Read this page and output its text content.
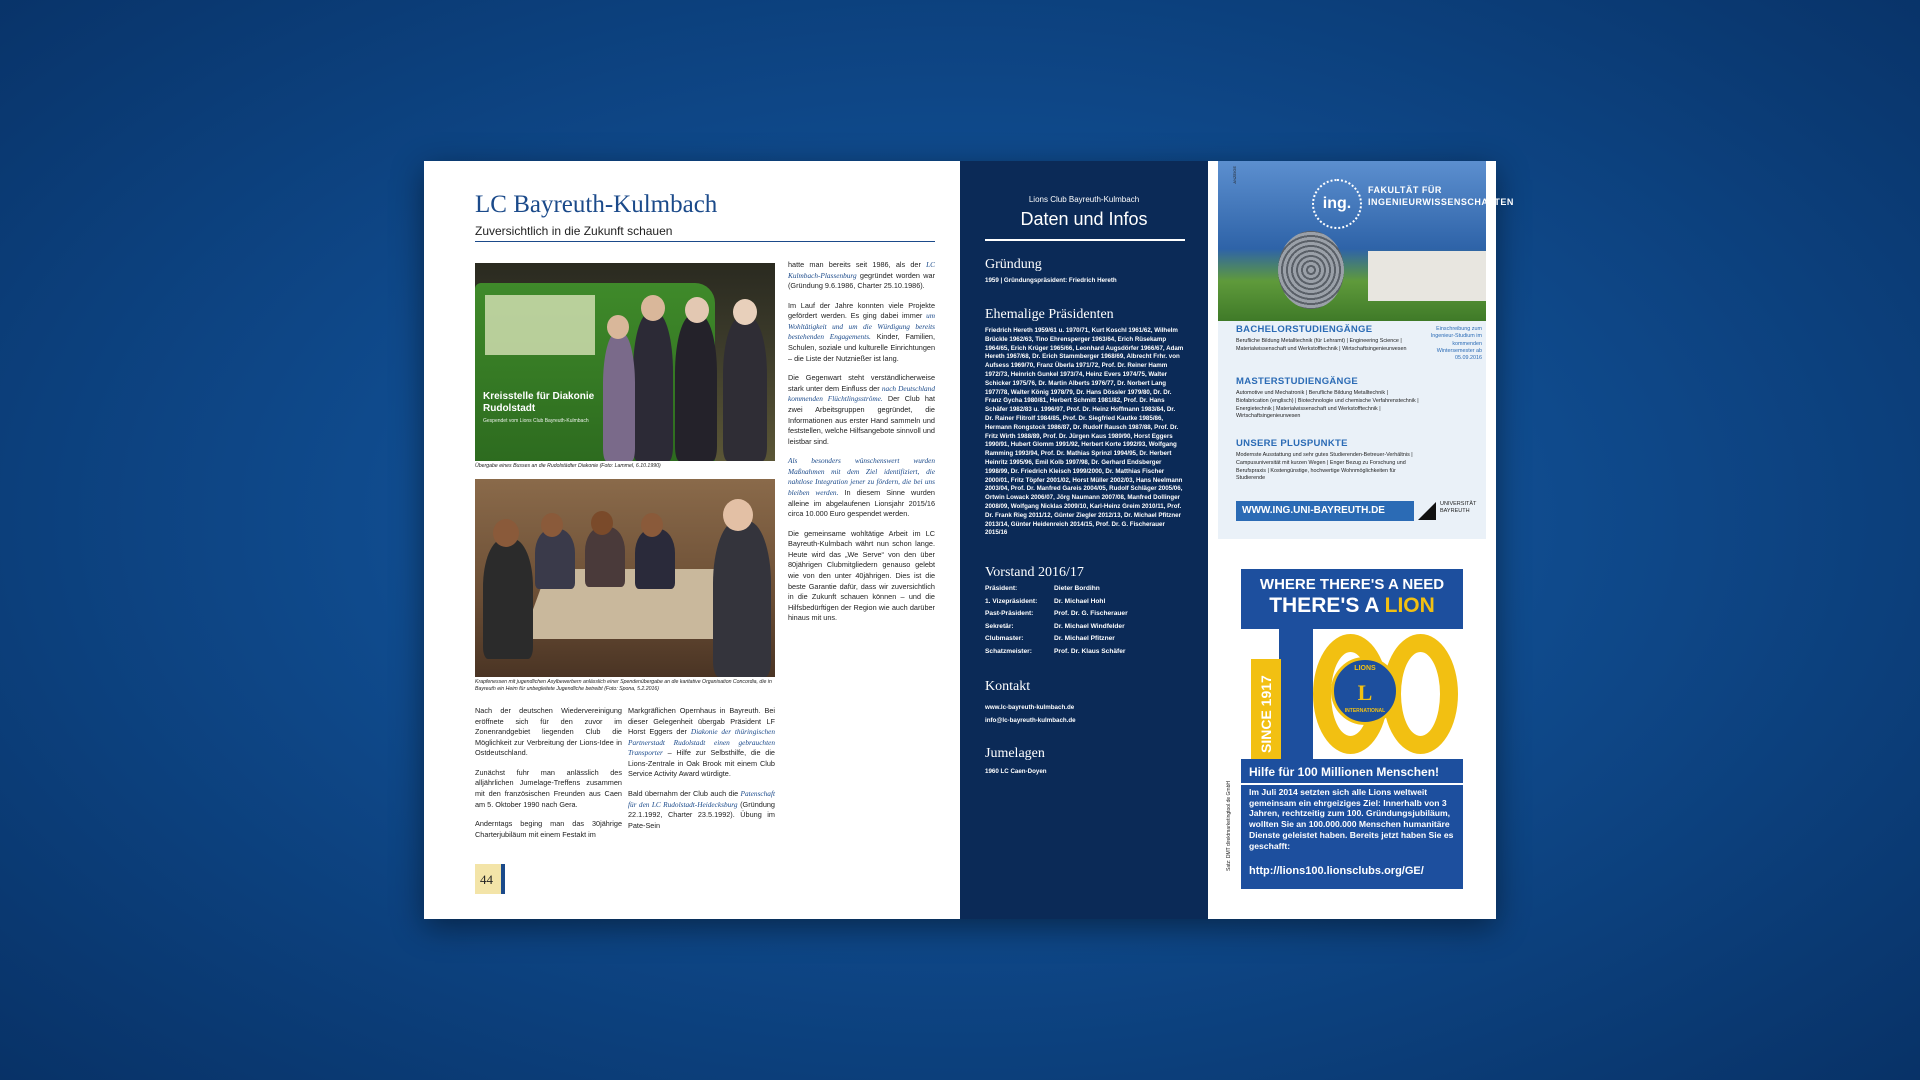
LC Bayreuth-Kulmbach
Zuversichtlich in die Zukunft schauen
Kreisstelle für Diakonie Rudolstadt
Gespendet vom Lions Club Bayreuth-Kulmbach
Übergabe eines Busses an die Rudolstädter Diakonie (Foto: Lammel, 6.10.1990)
Krapfenessen mit jugendlichen Asylbewerbern anlässlich einer Spendenübergabe an die karitative Organisation Concordia, die in Bayreuth ein Heim für unbegleitete Jugendliche betreibt (Foto: Spona, 5.2.2016)

Nach der deutschen Wiedervereinigung eröffnete sich für den zuvor im Zonenrandgebiet liegenden Club die Möglichkeit zur Verbreitung der Lions-Idee in Ostdeutschland.

Zunächst fuhr man anlässlich des alljährlichen Jumelage-Treffens zusammen mit den französischen Freunden aus Caen am 5. Oktober 1990 nach Gera.

Anderntags beging man das 30jährige Charterjubiläum mit einem Festakt im

Markgräflichen Opernhaus in Bayreuth. Bei dieser Gelegenheit übergab Präsident LF Horst Eggers der Diakonie der thüringischen Partnerstadt Rudolstadt einen gebrauchten Transporter – Hilfe zur Selbsthilfe, die die Lions-Zentrale in Oak Brook mit einem Club Service Activity Award würdigte.

Bald übernahm der Club auch die Patenschaft für den LC Rudolstadt-Heidecksburg (Gründung 22.1.1992, Charter 23.5.1992). Übung im Pate-Sein

hatte man bereits seit 1986, als der LC Kulmbach-Plassenburg gegründet worden war (Gründung 9.6.1986, Charter 25.10.1986).

Im Lauf der Jahre konnten viele Projekte gefördert werden. Es ging dabei immer um Wohltätigkeit und um die Würdigung bereits bestehenden Engagements. Kinder, Familien, Schulen, soziale und kulturelle Einrichtungen – die Liste der Nutznießer ist lang.

Die Gegenwart steht verständlicherweise stark unter dem Einfluss der nach Deutschland kommenden Flüchtlingsströme. Der Club hat zwei Arbeitsgruppen gegründet, die Informationen aus erster Hand sammeln und feststellen, welche Hilfsangebote sinnvoll und leistbar sind.

Als besonders wünschenswert wurden Maßnahmen mit dem Ziel identifiziert, die nahtlose Integration jener zu fördern, die bei uns bleiben werden. In diesem Sinne wurden alleine im abgelaufenen Lionsjahr 2015/16 circa 10.000 Euro gespendet werden.

Die gemeinsame wohltätige Arbeit im LC Bayreuth-Kulmbach währt nun schon lange. Heute wird das „We Serve“ von den über 80jährigen Clubmitgliedern genauso gelebt wie von den unter 40jährigen. Dies ist die beste Garantie dafür, dass wir zuversichtlich in die Zukunft schauen können – und die Hilfsbedürftigen der Region wie auch darüber hinaus mit uns.

44
Lions Club Bayreuth-Kulmbach
Daten und Infos
Gründung
1959 | Gründungspräsident: Friedrich Hereth
Ehemalige Präsidenten
Friedrich Hereth 1959/61 u. 1970/71, Kurt Koschl 1961/62, Wilhelm Brückle 1962/63, Tino Ehrensperger 1963/64, Erich Rüsekamp 1964/65, Erich Krüger 1965/66, Leonhard Augsdörfer 1966/67, Adam Hereth 1967/68, Dr. Erich Stammberger 1968/69, Albrecht Frhr. von Aufsess 1969/70, Franz Überla 1971/72, Prof. Dr. Reiner Hamm 1972/73, Heinrich Gunkel 1973/74, Heinz Evers 1974/75, Walter Schicker 1975/76, Dr. Martin Alberts 1976/77, Dr. Norbert Lang 1977/78, Walter König 1978/79, Dr. Hans Dössler 1979/80, Dr. Dr. Franz Gycha 1980/81, Herbert Schmitt 1981/82, Prof. Dr. Hans Schäfer 1982/83 u. 1996/97, Prof. Dr. Heinz Hoffmann 1983/84, Dr. Dr. Rainer Flitrolf 1984/85, Prof. Dr. Siegfried Kautke 1985/86, Hermann Rongstock 1986/87, Dr. Rudolf Rausch 1987/88, Prof. Dr. Fritz Wirth 1988/89, Prof. Dr. Jürgen Kaus 1989/90, Horst Eggers 1990/91, Hubert Glomm 1991/92, Herbert Korte 1992/93, Wolfgang Ramming 1993/94, Prof. Dr. Mathias Sprinzl 1994/95, Dr. Herbert Heinritz 1995/96, Emil Kolb 1997/98, Dr. Gerhard Endsberger 1998/99, Dr. Friedrich Kleisch 1999/2000, Dr. Matthias Fischer 2000/01, Fritz Töpfer 2001/02, Horst Müller 2002/03, Hans Neelmann 2003/04, Prof. Dr. Manfred Gareis 2004/05, Rudolf Schläger 2005/06, Ortwin Lowack 2006/07, Jörg Naumann 2007/08, Manfred Dollinger 2008/09, Wolfgang Nicklas 2009/10, Karl-Heinz Greim 2010/11, Prof. Dr. Frank Rieg 2011/12, Günter Ziegler 2012/13, Dr. Michael Pfitzner 2013/14, Günter Heidenreich 2014/15, Prof. Dr. G. Fischerauer 2015/16
Vorstand 2016/17
Präsident:	Dieter Bordihn
1. Vizepräsident:	Dr. Michael Hohl
Past-Präsident:	Prof. Dr. G. Fischerauer
Sekretär:	Dr. Michael Windfelder
Clubmaster:	Dr. Michael Pfitzner
Schatzmeister:	Prof. Dr. Klaus Schäfer
Kontakt
www.lc-bayreuth-kulmbach.de
info@lc-bayreuth-kulmbach.de
Jumelagen
1960 LC Caen-Doyen
ing.
FAKULTÄT FÜR INGENIEURWISSENSCHAFTEN
ANZEIGE
BACHELORSTUDIENGÄNGE
Berufliche Bildung Metalltechnik (für Lehramt) | Engineering Science | Materialwissenschaft und Werkstofftechnik | Wirtschaftsingenieurwesen
Einschreibung zum Ingenieur-Studium im kommenden Wintersemester ab 05.09.2016
MASTERSTUDIENGÄNGE
Automotive und Mechatronik | Berufliche Bildung Metalltechnik | Biofabrication (englisch) | Biotechnologie und chemische Verfahrenstechnik | Energietechnik | Materialwissenschaft und Werkstofftechnik | Wirtschaftsingenieurwesen
UNSERE PLUSPUNKTE
Modernste Ausstattung und sehr gutes Studierenden-Betreuer-Verhältnis | Campusuniversität mit kurzen Wegen | Enger Bezug zu Forschung und Berufspraxis | Kostengünstige, hochwertige Wohnmöglichkeiten für Studierende
WWW.ING.UNI-BAYREUTH.DE
UNIVERSITÄT BAYREUTH
WHERE THERE'S A NEED
THERE'S A LION
SINCE 1917
LIONS
L
INTERNATIONAL
Hilfe für 100 Millionen Menschen!
Im Juli 2014 setzten sich alle Lions weltweit gemeinsam ein ehrgeiziges Ziel: Innerhalb von 3 Jahren, rechtzeitig zum 100. Gründungsjubiläum, wollten Sie an 100.000.000 Menschen humanitäre Dienste geleistet haben. Bereits jetzt haben Sie es geschafft:
http://lions100.lionsclubs.org/GE/
Satz: DMT direktmarketingtool.de GmbH
